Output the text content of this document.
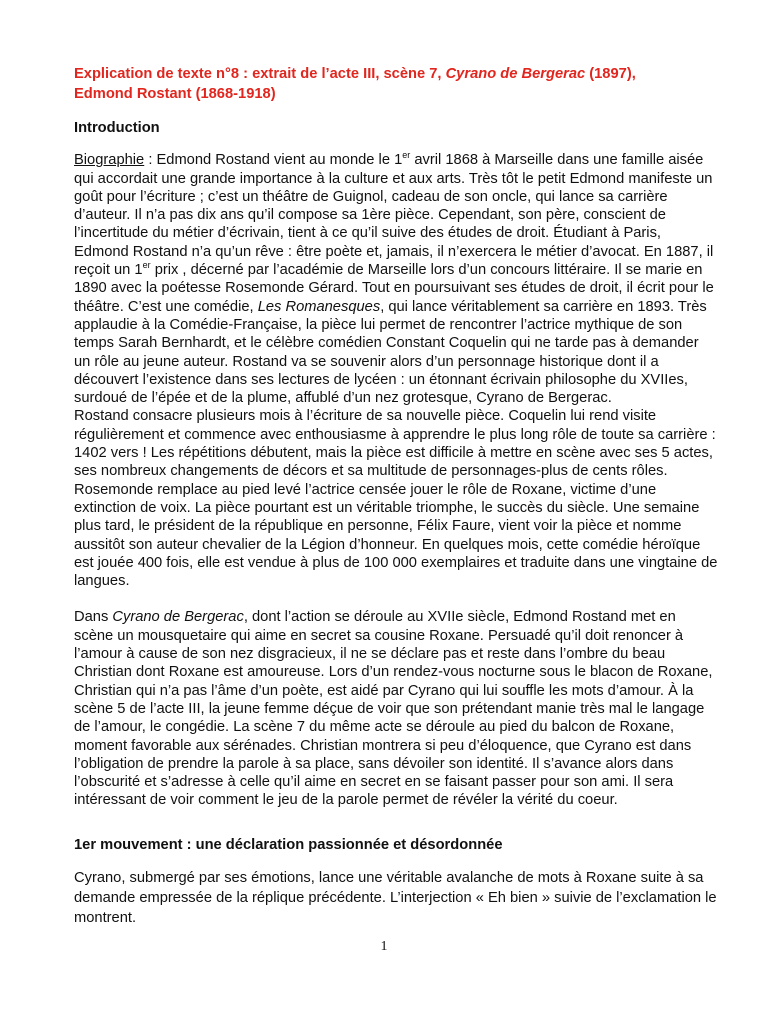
Explication de texte n°8 : extrait de l’acte III, scène 7, Cyrano de Bergerac (1897),
Edmond Rostant (1868-1918)
Introduction

Biographie : Edmond Rostand vient au monde le 1er avril 1868 à Marseille dans une famille aisée qui accordait une grande importance à la culture et aux arts. Très tôt le petit Edmond manifeste un goût pour l’écriture ; c’est un théâtre de Guignol, cadeau de son oncle, qui lance sa carrière d’auteur. Il n’a pas dix ans qu’il compose sa 1ère pièce. Cependant, son père, conscient de l’incertitude du métier d’écrivain, tient à ce qu’il suive des études de droit. Étudiant à Paris, Edmond Rostand n’a qu’un rêve : être poète et, jamais, il n’exercera le métier d’avocat. En 1887, il reçoit un 1er prix , décerné par l’académie de Marseille lors d’un concours littéraire. Il se marie en 1890 avec la poétesse Rosemonde Gérard. Tout en poursuivant ses études de droit, il écrit pour le théâtre. C’est une comédie, Les Romanesques, qui lance véritablement sa carrière en 1893. Très applaudie à la Comédie-Française, la pièce lui permet de rencontrer l’actrice mythique de son temps Sarah Bernhardt, et le célèbre comédien Constant Coquelin qui ne tarde pas à demander un rôle au jeune auteur. Rostand va se souvenir alors d’un personnage historique dont il a découvert l’existence dans ses lectures de lycéen : un étonnant écrivain philosophe du XVIIes, surdoué de l’épée et de la plume, affublé d’un nez grotesque, Cyrano de Bergerac.

Rostand consacre plusieurs mois à l’écriture de sa nouvelle pièce. Coquelin lui rend visite régulièrement et commence avec enthousiasme à apprendre le plus long rôle de toute sa carrière : 1402 vers ! Les répétitions débutent, mais la pièce est difficile à mettre en scène avec ses 5 actes, ses nombreux changements de décors et sa multitude de personnages-plus de cents rôles. Rosemonde remplace au pied levé l’actrice censée jouer le rôle de Roxane, victime d’une extinction de voix. La pièce pourtant est un véritable triomphe, le succès du siècle. Une semaine plus tard, le président de la république en personne, Félix Faure, vient voir la pièce et nomme aussitôt son auteur chevalier de la Légion d’honneur. En quelques mois, cette comédie héroïque est jouée 400 fois, elle est vendue à plus de 100 000 exemplaires et traduite dans une vingtaine de langues.

Dans Cyrano de Bergerac, dont l’action se déroule au XVIIe siècle, Edmond Rostand met en scène un mousquetaire qui aime en secret sa cousine Roxane. Persuadé qu’il doit renoncer à l’amour à cause de son nez disgracieux, il ne se déclare pas et reste dans l’ombre du beau Christian dont Roxane est amoureuse. Lors d’un rendez-vous nocturne sous le blacon de Roxane, Christian qui n’a pas l’âme d’un poète, est aidé par Cyrano qui lui souffle les mots d’amour. À la scène 5 de l’acte III, la jeune femme déçue de voir que son prétendant manie très mal le langage de l’amour, le congédie. La scène 7 du même acte se déroule au pied du balcon de Roxane, moment favorable aux sérénades. Christian montrera si peu d’éloquence, que Cyrano est dans l’obligation de prendre la parole à sa place, sans dévoiler son identité. Il s’avance alors dans l’obscurité et s’adresse à celle qu’il aime en secret en se faisant passer pour son ami. Il sera intéressant de voir comment le jeu de la parole permet de révéler la vérité du coeur.

1er mouvement : une déclaration passionnée et désordonnée

Cyrano, submergé par ses émotions, lance une véritable avalanche de mots à Roxane suite à sa demande empressée de la réplique précédente. L’interjection « Eh bien » suivie de l’exclamation le montrent.

1
